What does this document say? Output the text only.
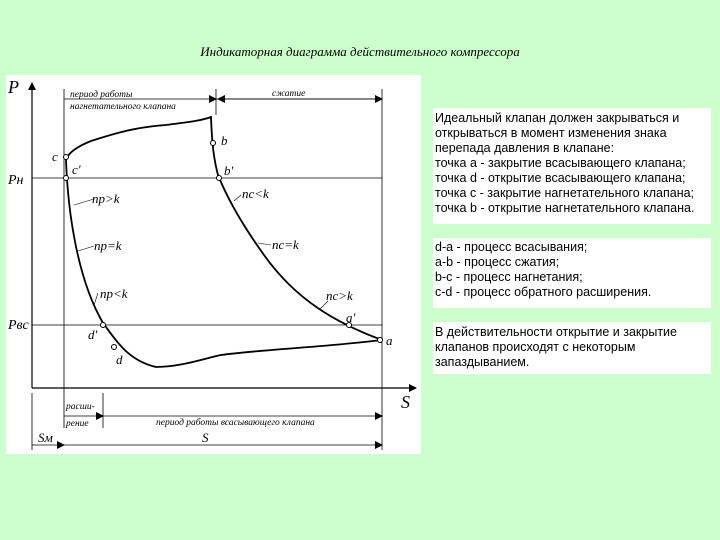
Индикаторная диаграмма действительного компрессора
P
S
Pн
Pвс
период работы
нагнетательного клапана
сжатие
расши-
рение	период работы всасывающего клапана
Sм	S
b
b'
c
c'
d'
d
a'
a
np>k
np=k
np<k
nc<k
nc=k
nc>k

Идеальный клапан должен закрываться и

открываться в момент изменения знака

перепада давления в клапане:

точка a - закрытие всасывающего клапана;

точка d - открытие всасывающего клапана;

точка c - закрытие нагнетательного клапана;

точка b - открытие нагнетательного клапана.

d-a - процесс всасывания;

a-b - процесс сжатия;

b-c - процесс нагнетания;

c-d - процесс обратного расширения.

В действительности открытие и закрытие

клапанов происходят с некоторым

запаздыванием.
